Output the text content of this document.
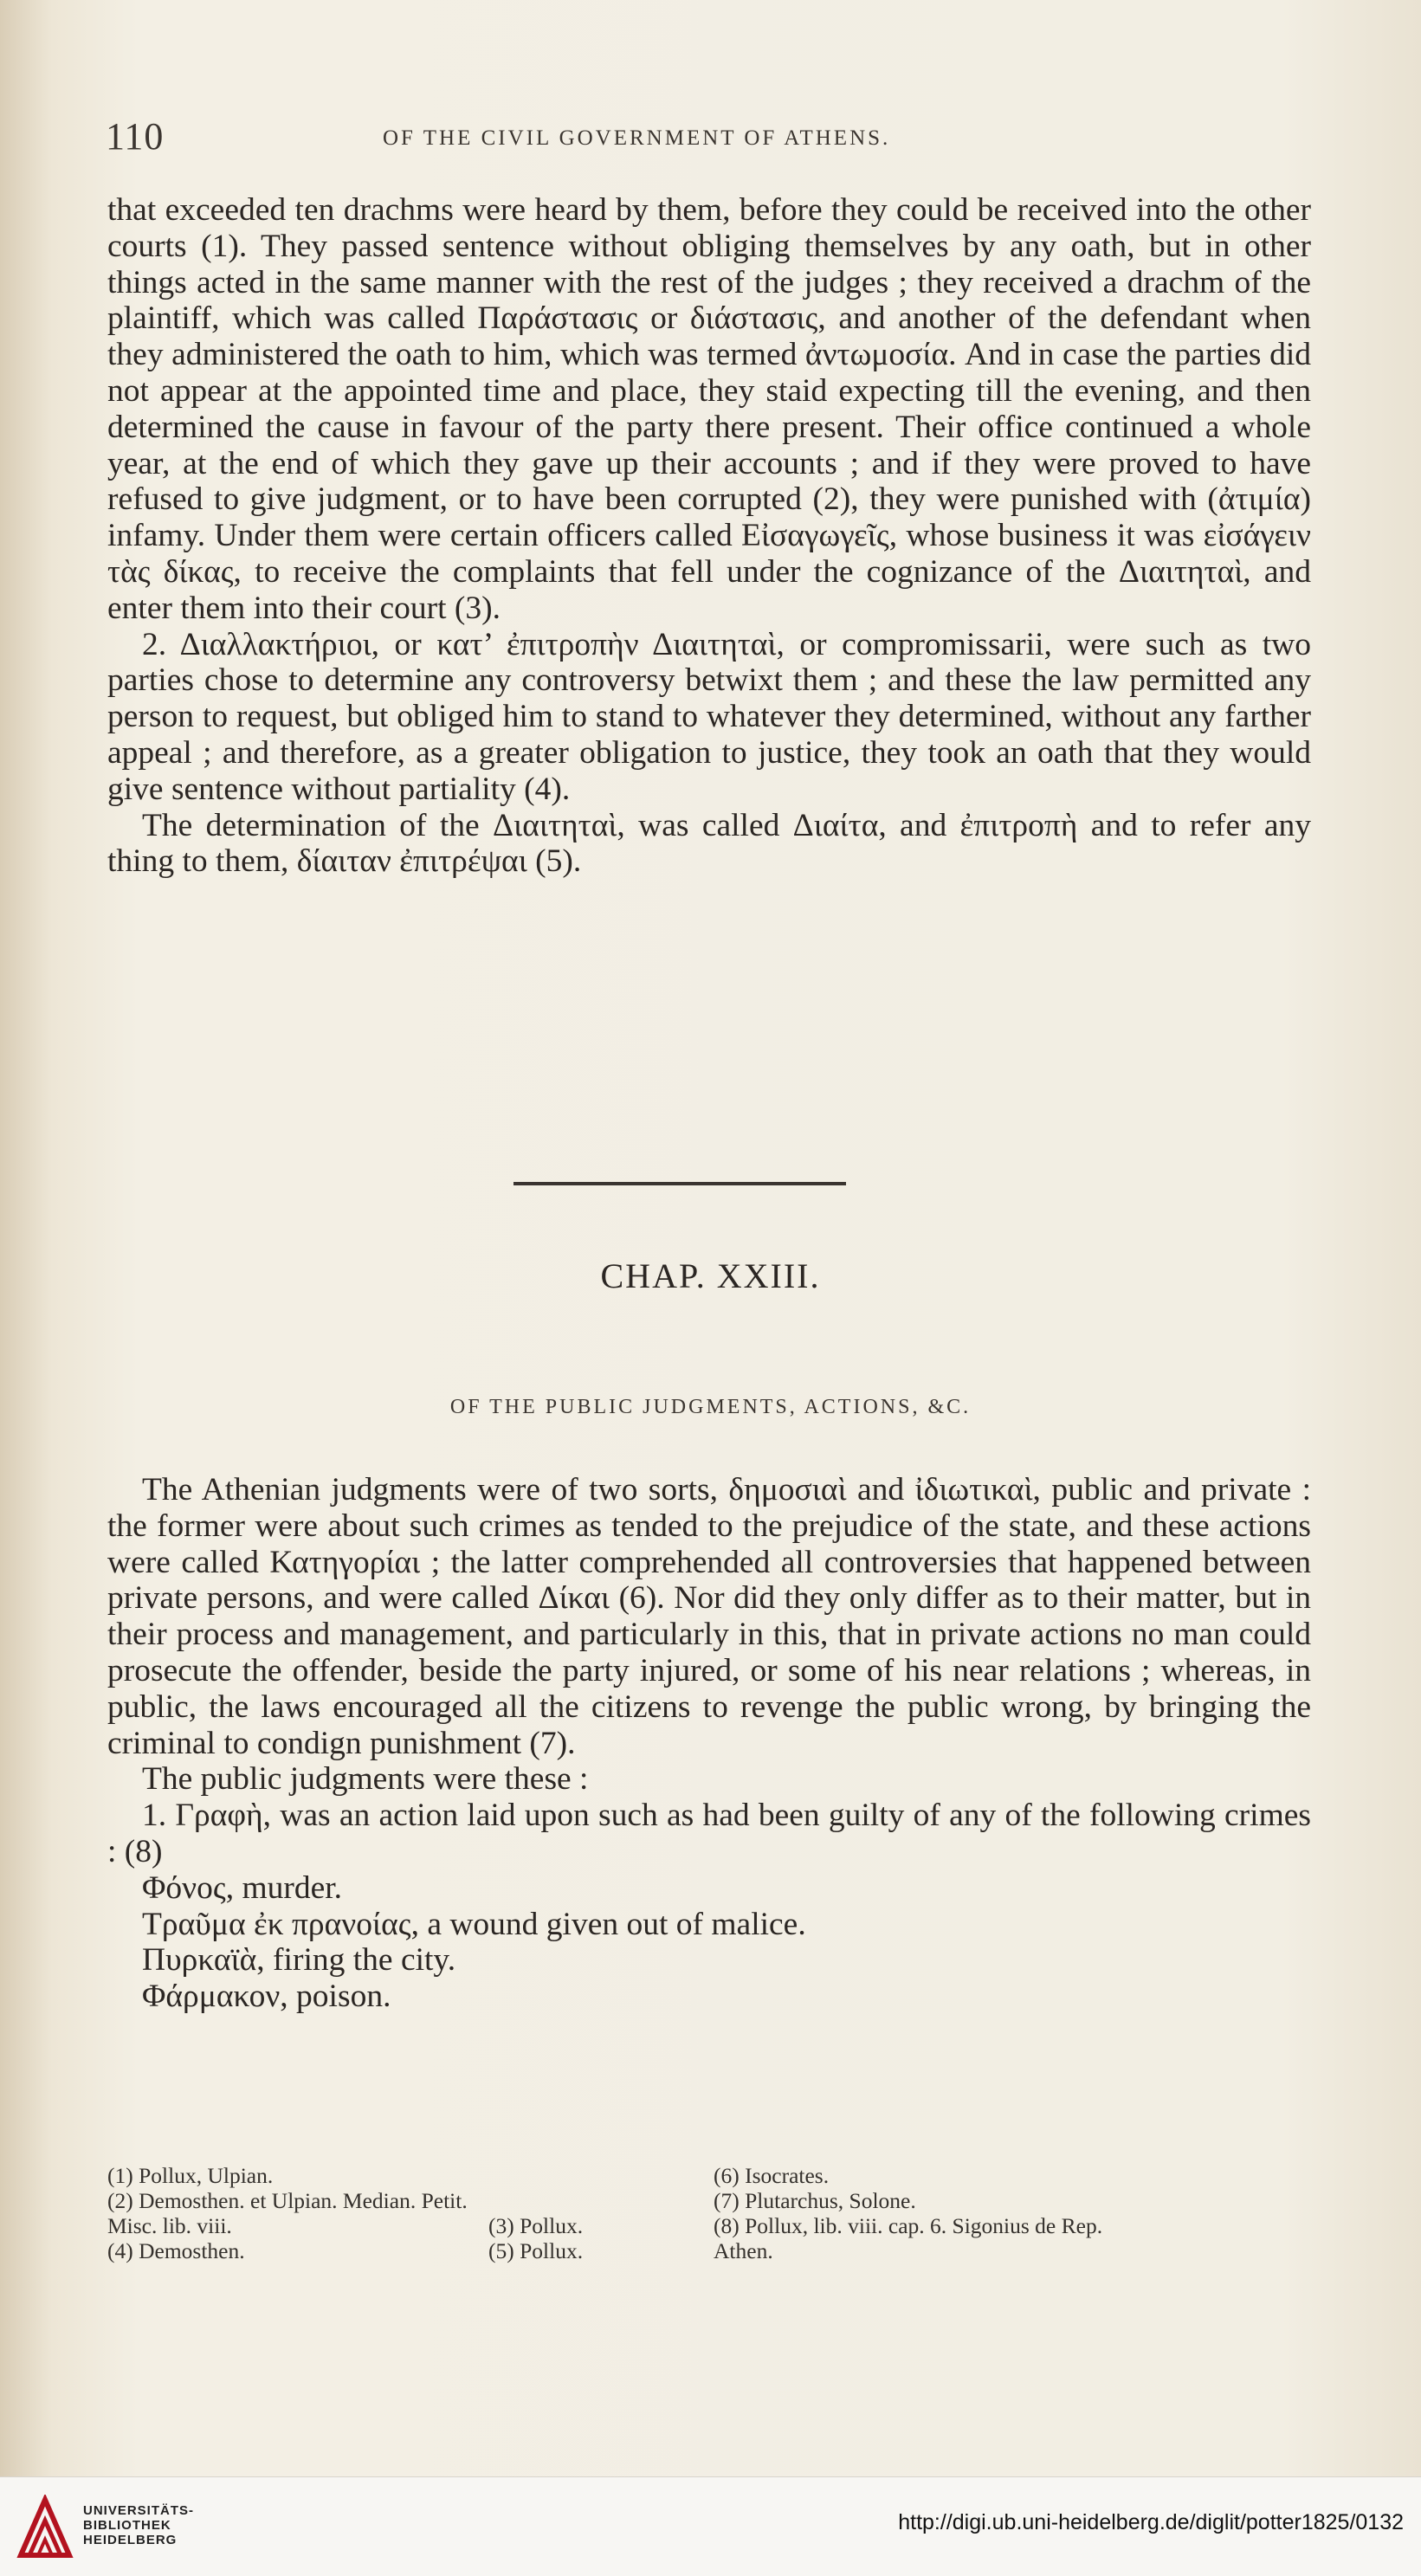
110	OF THE CIVIL GOVERNMENT OF ATHENS.

that exceeded ten drachms were heard by them, before they could be received into the other courts (1). They passed sentence without obliging themselves by any oath, but in other things acted in the same manner with the rest of the judges ; they received a drachm of the plaintiff, which was called Παράστασις or διάστασις, and another of the defendant when they administered the oath to him, which was termed ἀντωμοσία. And in case the parties did not appear at the appointed time and place, they staid expecting till the evening, and then determined the cause in favour of the party there present. Their office continued a whole year, at the end of which they gave up their accounts ; and if they were proved to have refused to give judgment, or to have been corrupted (2), they were punished with (ἀτιμία) infamy. Under them were certain officers called Εἰσαγωγεῖς, whose business it was εἰσάγειν τὰς δίκας, to receive the complaints that fell under the cognizance of the Διαιτηταὶ, and enter them into their court (3).

2. Διαλλακτήριοι, or κατ’ ἐπιτροπὴν Διαιτηταὶ, or compromissarii, were such as two parties chose to determine any controversy betwixt them ; and these the law permitted any person to request, but obliged him to stand to whatever they determined, without any farther appeal ; and therefore, as a greater obligation to justice, they took an oath that they would give sentence without partiality (4).

The determination of the Διαιτηταὶ, was called Διαίτα, and ἐπιτροπὴ and to refer any thing to them, δίαιταν ἐπιτρέψαι (5).

CHAP. XXIII.
OF THE PUBLIC JUDGMENTS, ACTIONS, &C.

The Athenian judgments were of two sorts, δημοσιαὶ and ἰδιωτικαὶ, public and private : the former were about such crimes as tended to the prejudice of the state, and these actions were called Κατηγορίαι ; the latter comprehended all controversies that happened between private persons, and were called Δίκαι (6). Nor did they only differ as to their matter, but in their process and management, and particularly in this, that in private actions no man could prosecute the offender, beside the party injured, or some of his near relations ; whereas, in public, the laws encouraged all the citizens to revenge the public wrong, by bringing the criminal to condign punishment (7).

The public judgments were these :

1. Γραφὴ, was an action laid upon such as had been guilty of any of the following crimes : (8)

Φόνος, murder.

Τραῦμα ἐκ πρανοίας, a wound given out of malice.

Πυρκαϊὰ, firing the city.

Φάρμακον, poison.

(1) Pollux, Ulpian.
(2) Demosthen. et Ulpian. Median. Petit.
Misc. lib. viii.
(4) Demosthen.
(3) Pollux.
(5) Pollux.
(6) Isocrates.
(7) Plutarchus, Solone.
(8) Pollux, lib. viii. cap. 6. Sigonius de Rep.
Athen.
UNIVERSITÄTS-
BIBLIOTHEK
HEIDELBERG
http://digi.ub.uni-heidelberg.de/diglit/potter1825/0132
